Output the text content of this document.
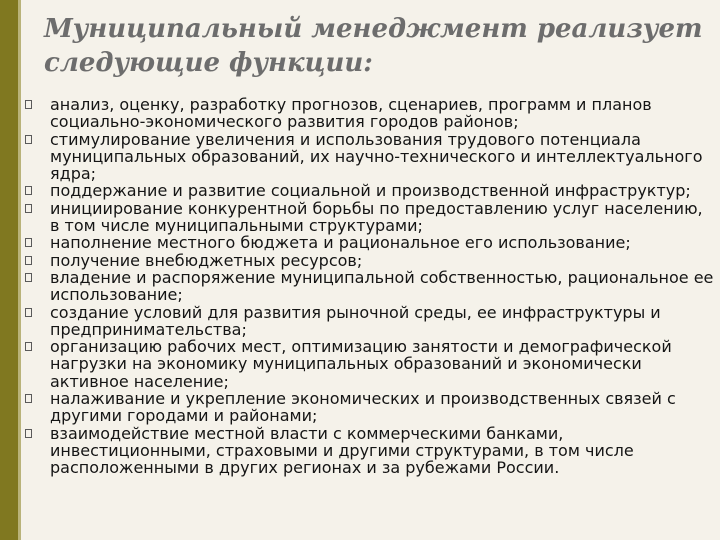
Муниципальный менеджмент реализует следующие функции:
анализ, оценку, разработку прогнозов, сценариев, программ и планов социально-экономического развития городов районов;
стимулирование увеличения и использования трудового потенциала муниципальных образований, их научно-технического и интеллектуального ядра;
поддержание и развитие социальной и производственной инфраструктур;
инициирование конкурентной борьбы по предоставлению услуг населению, в том числе муниципальными структурами;
наполнение местного бюджета и рациональное его использование;
получение внебюджетных ресурсов;
владение и распоряжение муниципальной собственностью, рациональное ее использование;
создание условий для развития рыночной среды, ее инфраструктуры и предпринимательства;
организацию рабочих мест, оптимизацию занятости и демографической нагрузки на экономику муниципальных образований и экономически активное население;
налаживание и укрепление экономических и производственных связей с другими городами и районами;
взаимодействие местной власти с коммерческими банками, инвестиционными, страховыми и другими структурами, в том числе расположенными в других регионах и за рубежами России.
